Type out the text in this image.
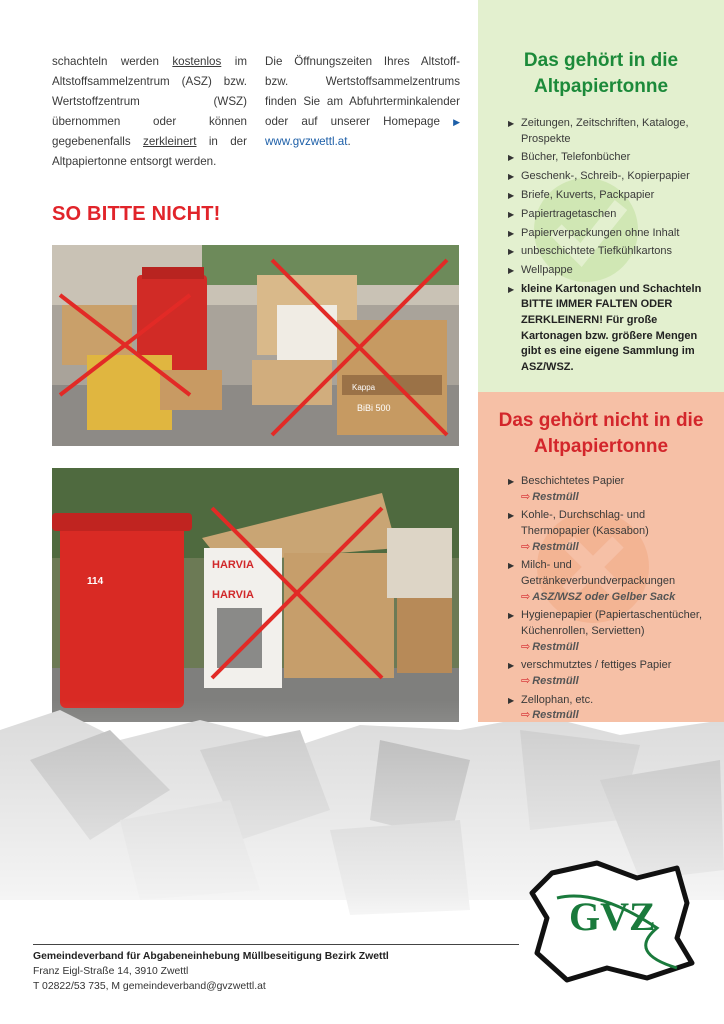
schachteln werden kostenlos im Altstoffsammelzentrum (ASZ) bzw. Wertstoffzentrum (WSZ) übernommen oder können gegebenenfalls zerkleinert in der Altpapiertonne entsorgt werden.
Die Öffnungszeiten Ihres Altstoff- bzw. Wertstoffsammelzentrums finden Sie am Abfuhrterminkalender oder auf unserer Homepage ▶ www.gvzwettl.at.
SO BITTE NICHT!
Kappa
BiBi 500
114
HARVIA
HARVIA
Das gehört in die Altpapiertonne
▶ Zeitungen, Zeitschriften, Kataloge, Prospekte
▶ Bücher, Telefonbücher
▶ Geschenk-, Schreib-, Kopierpapier
▶ Briefe, Kuverts, Packpapier
▶ Papiertragetaschen
▶ Papierverpackungen ohne Inhalt
▶ unbeschichtete Tiefkühlkartons
▶ Wellpappe
▶ kleine Kartonagen und Schachteln BITTE IMMER FALTEN ODER ZERKLEINERN! Für große Kartonagen bzw. größere Mengen gibt es eine eigene Sammlung im ASZ/WSZ.
Das gehört nicht in die Altpapiertonne
▶ Beschichtetes Papier
⇨ Restmüll
▶ Kohle-, Durchschlag- und Thermopapier (Kassabon)
⇨ Restmüll
▶ Milch- und Getränkeverbundverpackungen
⇨ ASZ/WSZ oder Gelber Sack
▶ Hygienepapier (Papiertaschentücher, Küchenrollen, Servietten)
⇨ Restmüll
▶ verschmutztes / fettiges Papier
⇨ Restmüll
▶ Zellophan, etc.
⇨ Restmüll
Gemeindeverband für Abgabeneinhebung Müllbeseitigung Bezirk Zwettl
Franz Eigl-Straße 14, 3910 Zwettl
T 02822/53 735, M gemeindeverband@gvzwettl.at
GVZ
